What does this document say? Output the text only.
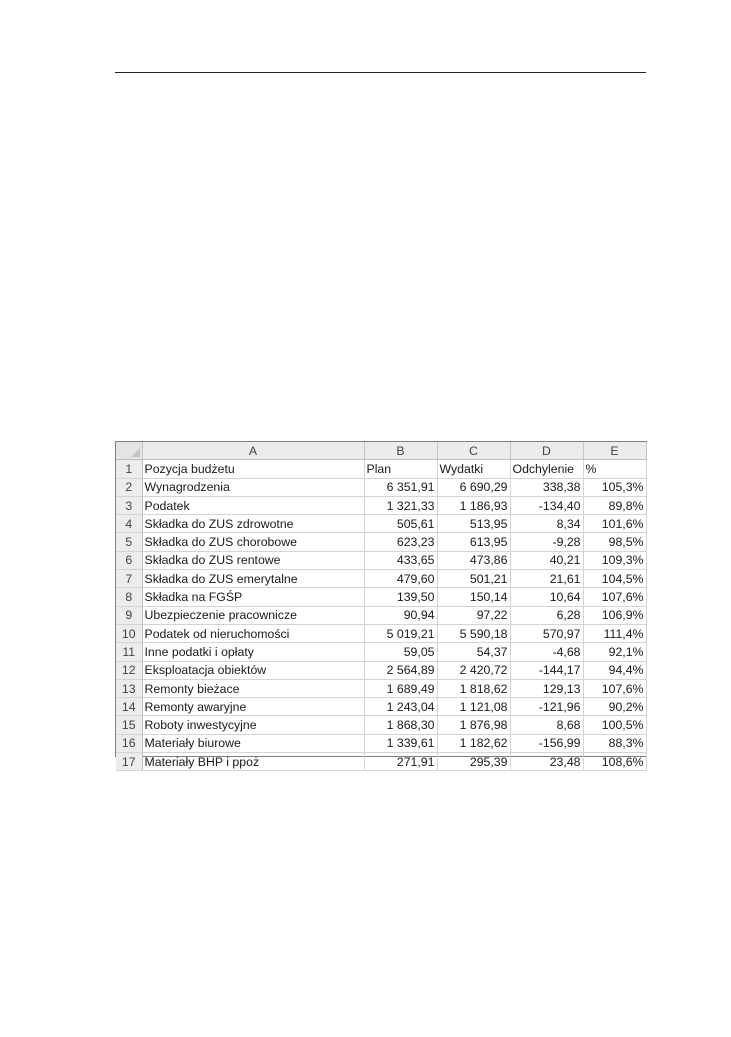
	A	B	C	D	E
1	Pozycja budżetu	Plan	Wydatki	Odchylenie	%
2	Wynagrodzenia	6 351,91	6 690,29	338,38	105,3%
3	Podatek	1 321,33	1 186,93	-134,40	89,8%
4	Składka do ZUS zdrowotne	505,61	513,95	8,34	101,6%
5	Składka do ZUS chorobowe	623,23	613,95	-9,28	98,5%
6	Składka do ZUS rentowe	433,65	473,86	40,21	109,3%
7	Składka do ZUS emerytalne	479,60	501,21	21,61	104,5%
8	Składka na FGŚP	139,50	150,14	10,64	107,6%
9	Ubezpieczenie pracownicze	90,94	97,22	6,28	106,9%
10	Podatek od nieruchomości	5 019,21	5 590,18	570,97	111,4%
11	Inne podatki i opłaty	59,05	54,37	-4,68	92,1%
12	Eksploatacja obiektów	2 564,89	2 420,72	-144,17	94,4%
13	Remonty bieżace	1 689,49	1 818,62	129,13	107,6%
14	Remonty awaryjne	1 243,04	1 121,08	-121,96	90,2%
15	Roboty inwestycyjne	1 868,30	1 876,98	8,68	100,5%
16	Materiały biurowe	1 339,61	1 182,62	-156,99	88,3%
17	Materiały BHP i ppoż	271,91	295,39	23,48	108,6%
